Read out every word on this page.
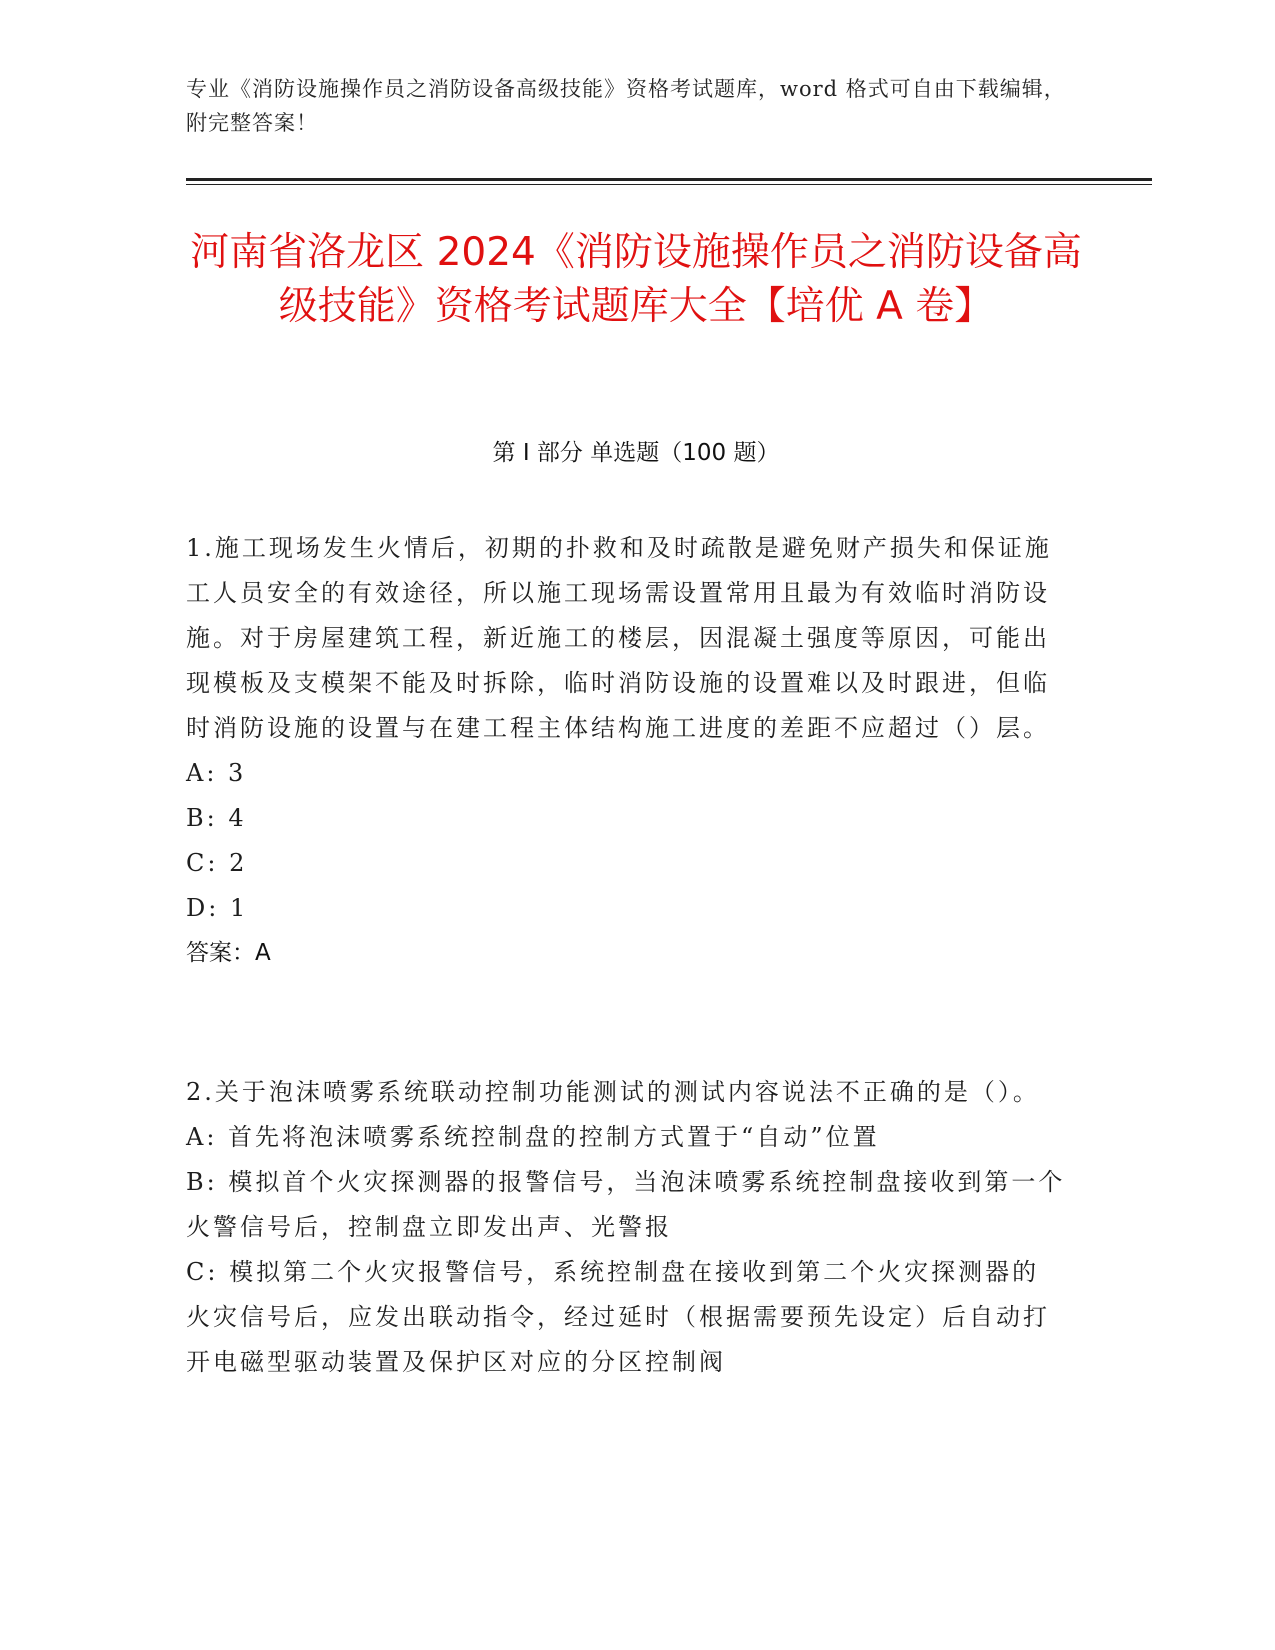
专业《消防设施操作员之消防设备高级技能》资格考试题库，word 格式可自由下载编辑，附完整答案！
河南省洛龙区 2024《消防设施操作员之消防设备高级技能》资格考试题库大全【培优 A 卷】
第 I 部分 单选题（100 题）

1.施工现场发生火情后，初期的扑救和及时疏散是避免财产损失和保证施工人员安全的有效途径，所以施工现场需设置常用且最为有效临时消防设施。对于房屋建筑工程，新近施工的楼层，因混凝土强度等原因，可能出现模板及支模架不能及时拆除，临时消防设施的设置难以及时跟进，但临时消防设施的设置与在建工程主体结构施工进度的差距不应超过（）层。

A: 3

B: 4

C: 2

D: 1

答案：A

2.关于泡沫喷雾系统联动控制功能测试的测试内容说法不正确的是（）。

A: 首先将泡沫喷雾系统控制盘的控制方式置于“自动”位置

B: 模拟首个火灾探测器的报警信号，当泡沫喷雾系统控制盘接收到第一个火警信号后，控制盘立即发出声、光警报

C: 模拟第二个火灾报警信号，系统控制盘在接收到第二个火灾探测器的火灾信号后，应发出联动指令，经过延时（根据需要预先设定）后自动打开电磁型驱动装置及保护区对应的分区控制阀
